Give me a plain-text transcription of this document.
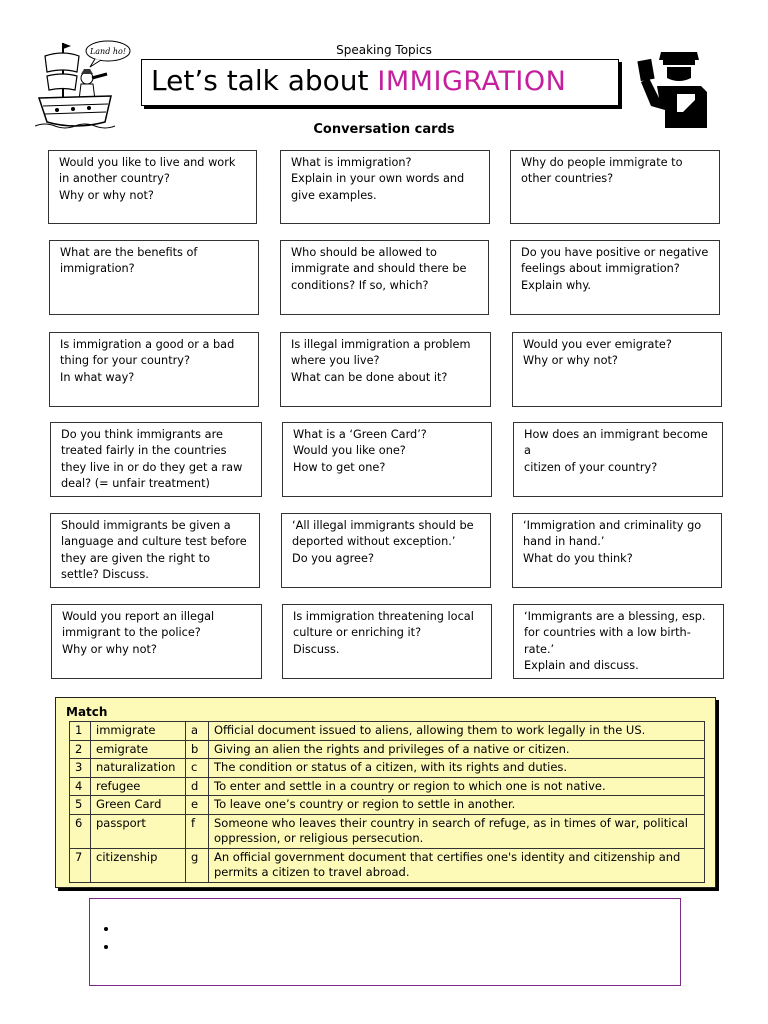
Land ho!	Speaking Topics
Let’s talk about IMMIGRATION
Conversation cards
Would you like to live and work
in another country?
Why or why not?
What is immigration?
Explain in your own words and
give examples.
Why do people immigrate to
other countries?
What are the benefits of
immigration?
Who should be allowed to
immigrate and should there be
conditions? If so, which?
Do you have positive or negative
feelings about immigration?
Explain why.
Is immigration a good or a bad
thing for your country?
In what way?
Is illegal immigration a problem
where you live?
What can be done about it?
Would you ever emigrate?
Why or why not?
Do you think immigrants are
treated fairly in the countries
they live in or do they get a raw
deal? (= unfair treatment)
What is a ‘Green Card’?
Would you like one?
How to get one?
How does an immigrant become a
citizen of your country?
Should immigrants be given a
language and culture test before
they are given the right to
settle? Discuss.
‘All illegal immigrants should be
deported without exception.’
Do you agree?
‘Immigration and criminality go
hand in hand.’
What do you think?
Would you report an illegal
immigrant to the police?
Why or why not?
Is immigration threatening local
culture or enriching it?
Discuss.
‘Immigrants are a blessing, esp.
for countries with a low birth-
rate.’
Explain and discuss.
Match
1	immigrate	a	Official document issued to aliens, allowing them to work legally in the US.
2	emigrate	b	Giving an alien the rights and privileges of a native or citizen.
3	naturalization	c	The condition or status of a citizen, with its rights and duties.
4	refugee	d	To enter and settle in a country or region to which one is not native.
5	Green Card	e	To leave one’s country or region to settle in another.
6	passport	f	Someone who leaves their country in search of refuge, as in times of war, political oppression, or religious persecution.
7	citizenship	g	An official government document that certifies one's identity and citizenship and permits a citizen to travel abroad.
•
•
